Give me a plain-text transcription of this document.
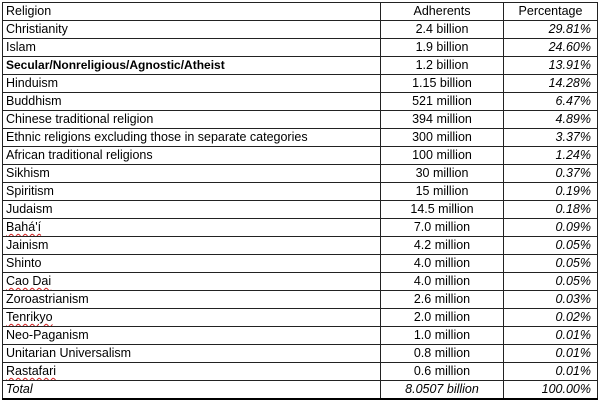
Religion	Adherents	Percentage
Christianity	2.4 billion	29.81%
Islam	1.9 billion	24.60%
Secular/Nonreligious/Agnostic/Atheist	1.2 billion	13.91%
Hinduism	1.15 billion	14.28%
Buddhism	521 million	6.47%
Chinese traditional religion	394 million	4.89%
Ethnic religions excluding those in separate categories	300 million	3.37%
African traditional religions	100 million	1.24%
Sikhism	30 million	0.37%
Spiritism	15 million	0.19%
Judaism	14.5 million	0.18%
Bahá'í	7.0 million	0.09%
Jainism	4.2 million	0.05%
Shinto	4.0 million	0.05%
Cao Dai	4.0 million	0.05%
Zoroastrianism	2.6 million	0.03%
Tenrikyo	2.0 million	0.02%
Neo-Paganism	1.0 million	0.01%
Unitarian Universalism	0.8 million	0.01%
Rastafari	0.6 million	0.01%
Total	8.0507 billion	100.00%
